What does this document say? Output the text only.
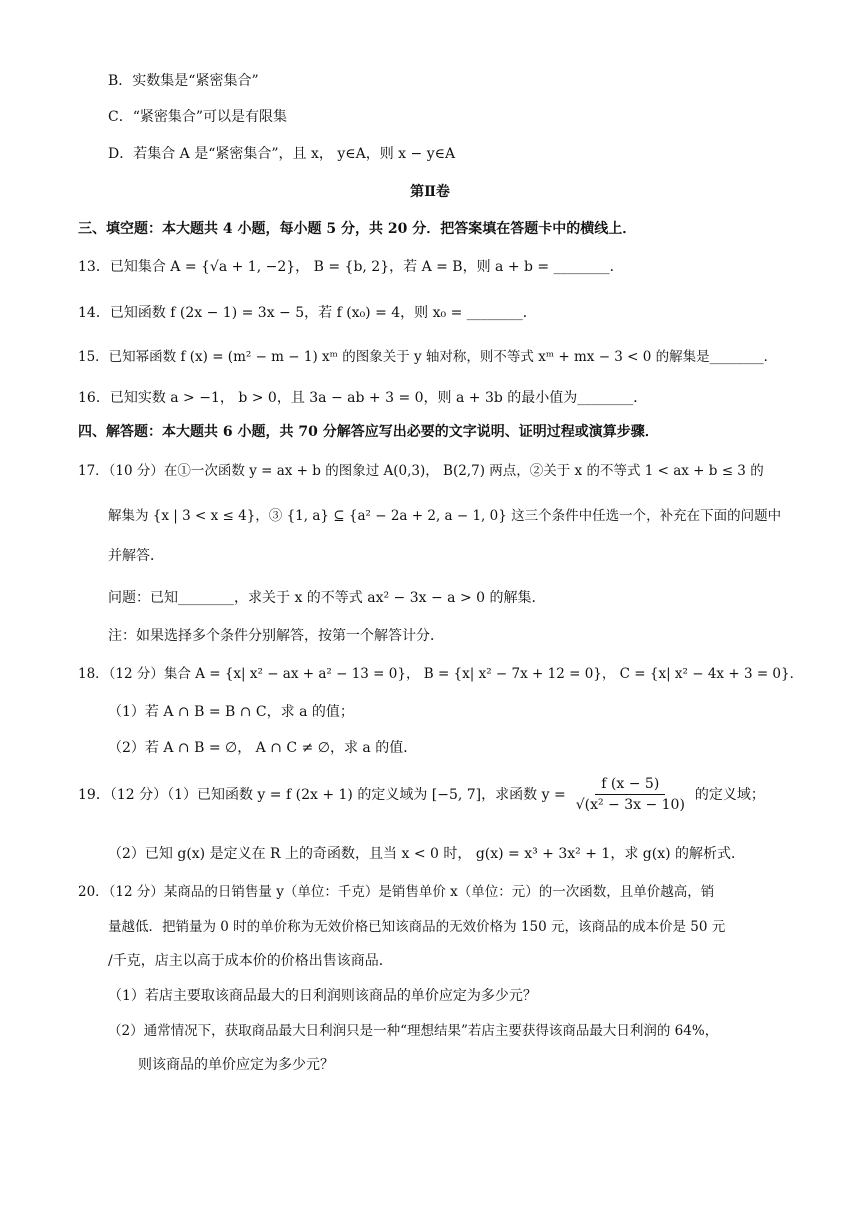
B．实数集是“紧密集合”
C．“紧密集合”可以是有限集
D．若集合 A 是“紧密集合”，且 x， y∈A，则 x − y∈A
第Ⅱ卷
三、填空题：本大题共 4 小题，每小题 5 分，共 20 分．把答案填在答题卡中的横线上．
13．已知集合 A = {√a + 1, −2}， B = {b, 2}，若 A = B，则 a + b = ________．
14．已知函数 f (2x − 1) = 3x − 5，若 f (x₀) = 4，则 x₀ = ________．
15．已知幂函数 f (x) = (m² − m − 1) xᵐ 的图象关于 y 轴对称，则不等式 xᵐ + mx − 3 < 0 的解集是________．
16．已知实数 a > −1， b > 0，且 3a − ab + 3 = 0，则 a + 3b 的最小值为________．
四、解答题：本大题共 6 小题，共 70 分解答应写出必要的文字说明、证明过程或演算步骤．
17．（10 分）在①一次函数 y = ax + b 的图象过 A(0,3)， B(2,7) 两点，②关于 x 的不等式 1 < ax + b ≤ 3 的
解集为 {x | 3 < x ≤ 4}，③ {1, a} ⊆ {a² − 2a + 2, a − 1, 0} 这三个条件中任选一个，补充在下面的问题中
并解答．
问题：已知________，求关于 x 的不等式 ax² − 3x − a > 0 的解集．
注：如果选择多个条件分别解答，按第一个解答计分．
18．（12 分）集合 A = {x| x² − ax + a² − 13 = 0}， B = {x| x² − 7x + 12 = 0}， C = {x| x² − 4x + 3 = 0}．
（1）若 A ∩ B = B ∩ C，求 a 的值；
（2）若 A ∩ B = ∅， A ∩ C ≠ ∅，求 a 的值．
19．（12 分）（1）已知函数 y = f (2x + 1) 的定义域为 [−5, 7]，求函数 $y = \frac{f (x - 5)}{\text{√(x² − 3x − 10)}}$ 的定义域；
（2）已知 g(x) 是定义在 R 上的奇函数，且当 x < 0 时， g(x) = x³ + 3x² + 1，求 g(x) 的解析式．
20．（12 分）某商品的日销售量 y（单位：千克）是销售单价 x（单位：元）的一次函数，且单价越高，销
量越低．把销量为 0 时的单价称为无效价格已知该商品的无效价格为 150 元，该商品的成本价是 50 元
/千克，店主以高于成本价的价格出售该商品．
（1）若店主要取该商品最大的日利润则该商品的单价应定为多少元？
（2）通常情况下，获取商品最大日利润只是一种“理想结果”若店主要获得该商品最大日利润的 64%，
则该商品的单价应定为多少元？
